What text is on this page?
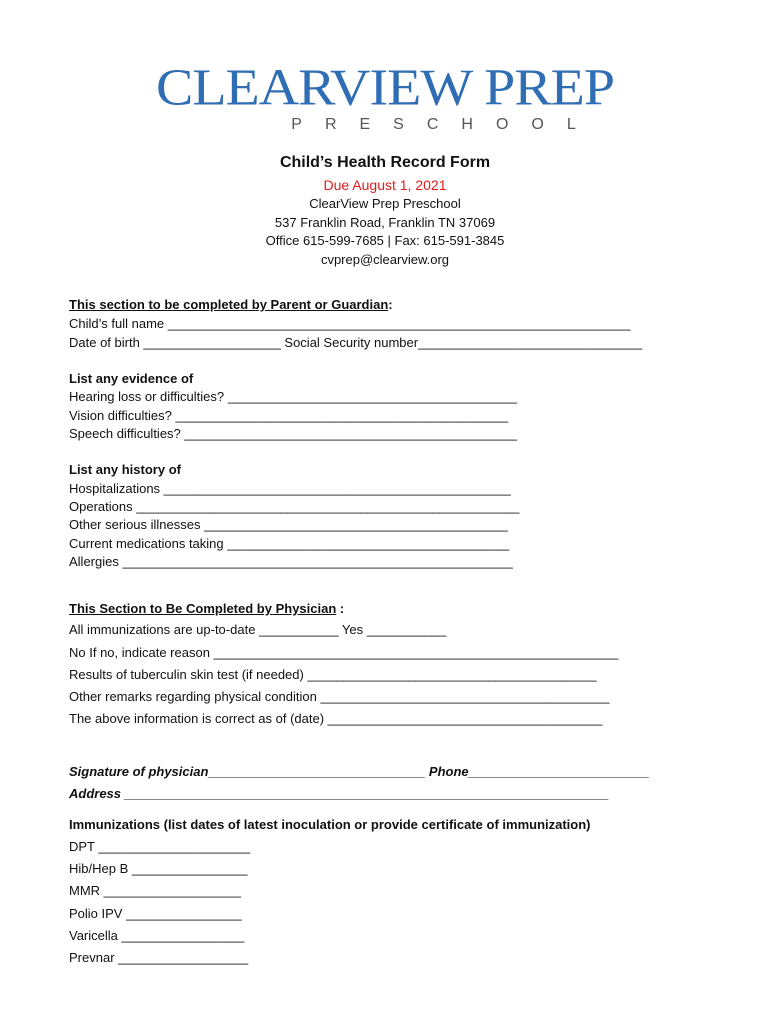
CLEARVIEW PREP
PRESCHOOL
Child’s Health Record Form
Due August 1, 2021
ClearView Prep Preschool
537 Franklin Road, Franklin TN 37069
Office 615-599-7685 | Fax: 615-591-3845
cvprep@clearview.org
This section to be completed by Parent or Guardian:
Child’s full name ________________________________________________________________
Date of birth ___________________ Social Security number_______________________________
List any evidence of
Hearing loss or difficulties? ________________________________________
Vision difficulties? ______________________________________________
Speech difficulties? ______________________________________________
List any history of
Hospitalizations ________________________________________________
Operations _____________________________________________________
Other serious illnesses __________________________________________
Current medications taking _______________________________________
Allergies ______________________________________________________
This Section to Be Completed by Physician :
All immunizations are up-to-date ___________ Yes ___________
No If no, indicate reason ________________________________________________________
Results of tuberculin skin test (if needed) ________________________________________
Other remarks regarding physical condition ________________________________________
The above information is correct as of (date) ______________________________________
Signature of physician______________________________ Phone_________________________
Address ___________________________________________________________________
Immunizations (list dates of latest inoculation or provide certificate of immunization)
DPT _____________________
Hib/Hep B ________________
MMR ___________________
Polio IPV ________________
Varicella _________________
Prevnar __________________
